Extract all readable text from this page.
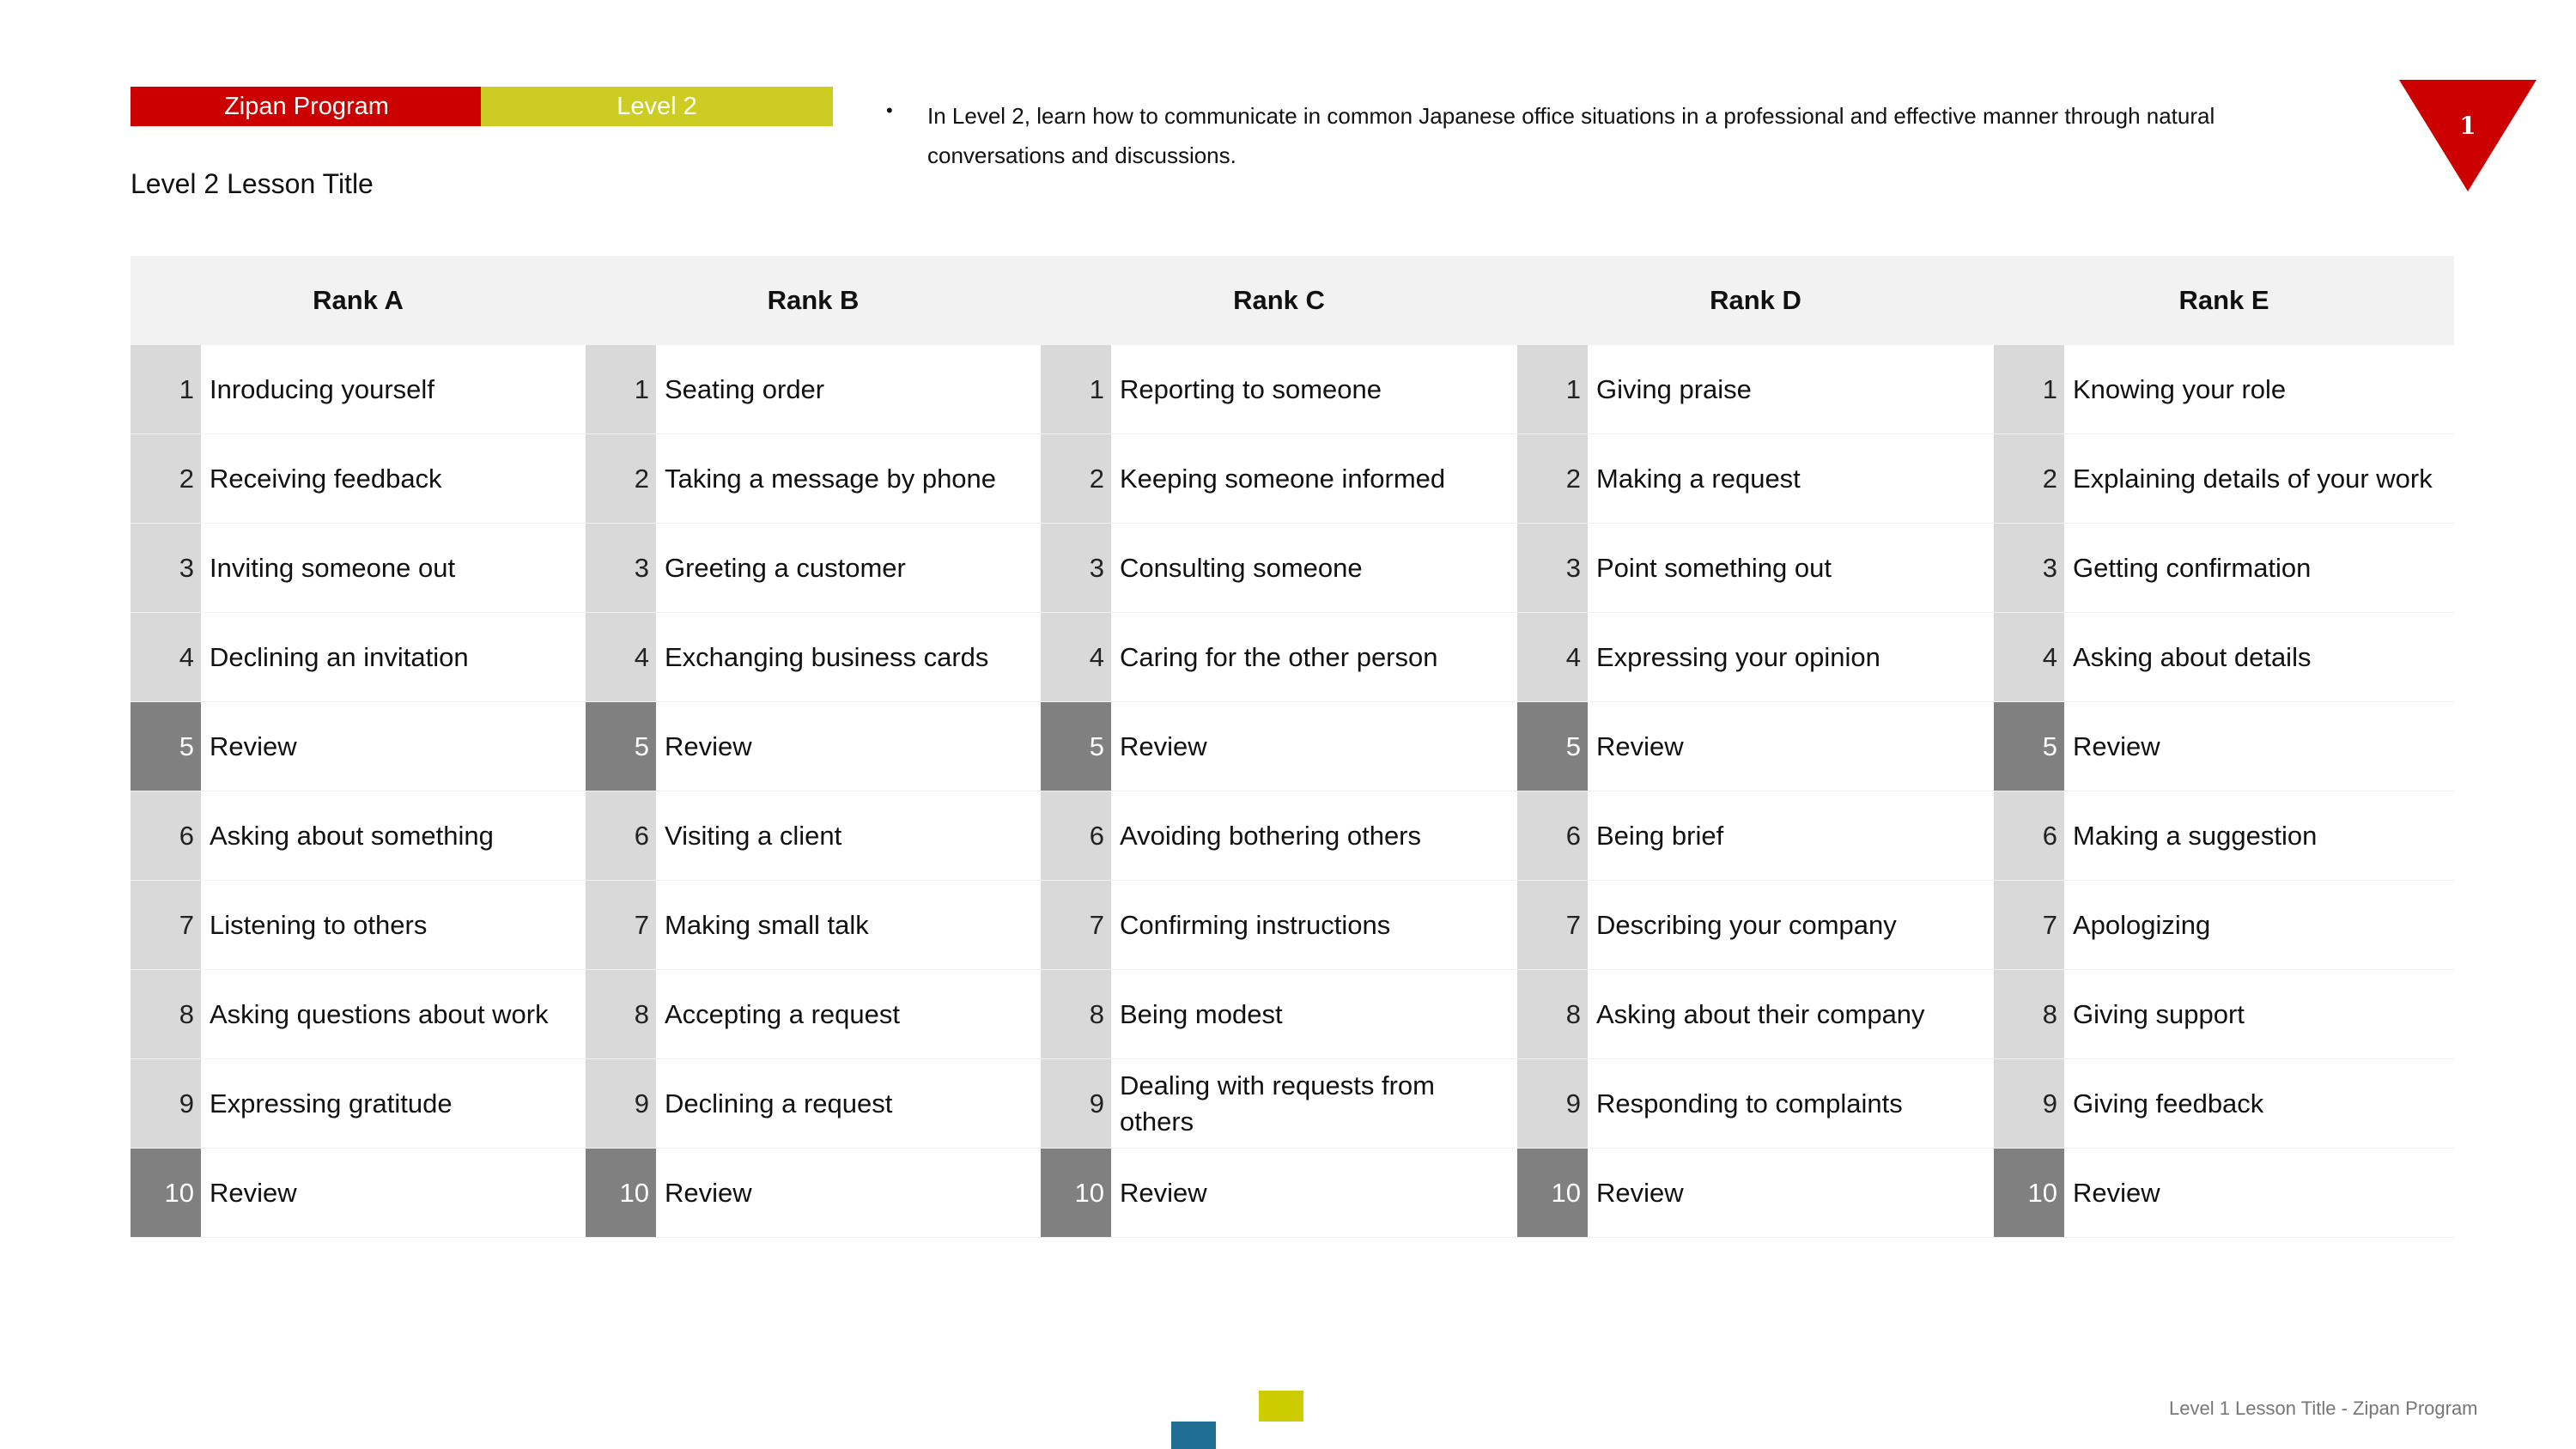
Zipan Program	Level 2
Level 2 Lesson Title
• In Level 2, learn how to communicate in common Japanese office situations in a professional and effective manner through natural conversations and discussions.
1
Rank A
1 Inroducing yourself
2 Receiving feedback
3 Inviting someone out
4 Declining an invitation
5 Review
6 Asking about something
7 Listening to others
8 Asking questions about work
9 Expressing gratitude
10 Review
Rank B
1 Seating order
2 Taking a message by phone
3 Greeting a customer
4 Exchanging business cards
5 Review
6 Visiting a client
7 Making small talk
8 Accepting a request
9 Declining a request
10 Review
Rank C
1 Reporting to someone
2 Keeping someone informed
3 Consulting someone
4 Caring for the other person
5 Review
6 Avoiding bothering others
7 Confirming instructions
8 Being modest
9
Dealing with requests from others
10 Review
Rank D
1 Giving praise
2 Making a request
3 Point something out
4 Expressing your opinion
5 Review
6 Being brief
7 Describing your company
8 Asking about their company
9 Responding to complaints
10 Review
Rank E
1 Knowing your role
2 Explaining details of your work
3 Getting confirmation
4 Asking about details
5 Review
6 Making a suggestion
7 Apologizing
8 Giving support
9 Giving feedback
10 Review
Level 1 Lesson Title - Zipan Program
